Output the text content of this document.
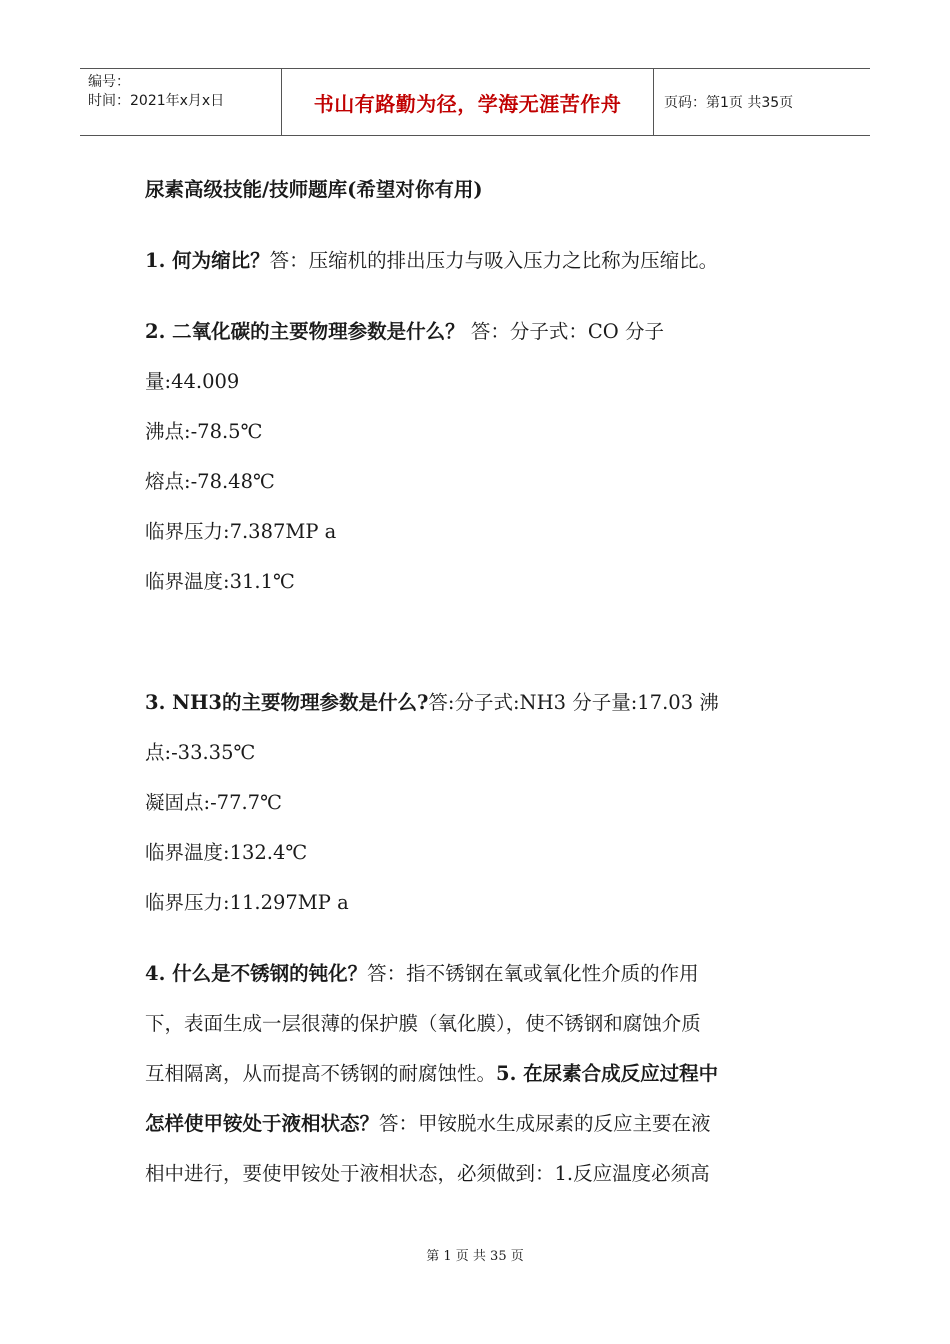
编号：
时间：2021年x月x日	书山有路勤为径，学海无涯苦作舟	页码：第1页 共35页
尿素高级技能/技师题库(希望对你有用)
1. 何为缩比？答：压缩机的排出压力与吸入压力之比称为压缩比。
2. 二氧化碳的主要物理参数是什么？ 答：分子式：CO 分子
量:44.009
沸点:-78.5℃
熔点:-78.48℃
临界压力:7.387MP a
临界温度:31.1℃
3. NH3的主要物理参数是什么?答:分子式:NH3 分子量:17.03 沸
点:-33.35℃
凝固点:-77.7℃
临界温度:132.4℃
临界压力:11.297MP a
4. 什么是不锈钢的钝化？答：指不锈钢在氧或氧化性介质的作用
下，表面生成一层很薄的保护膜（氧化膜），使不锈钢和腐蚀介质
互相隔离，从而提高不锈钢的耐腐蚀性。5. 在尿素合成反应过程中
怎样使甲铵处于液相状态？答：甲铵脱水生成尿素的反应主要在液
相中进行，要使甲铵处于液相状态，必须做到：1.反应温度必须高
第 1 页 共 35 页
